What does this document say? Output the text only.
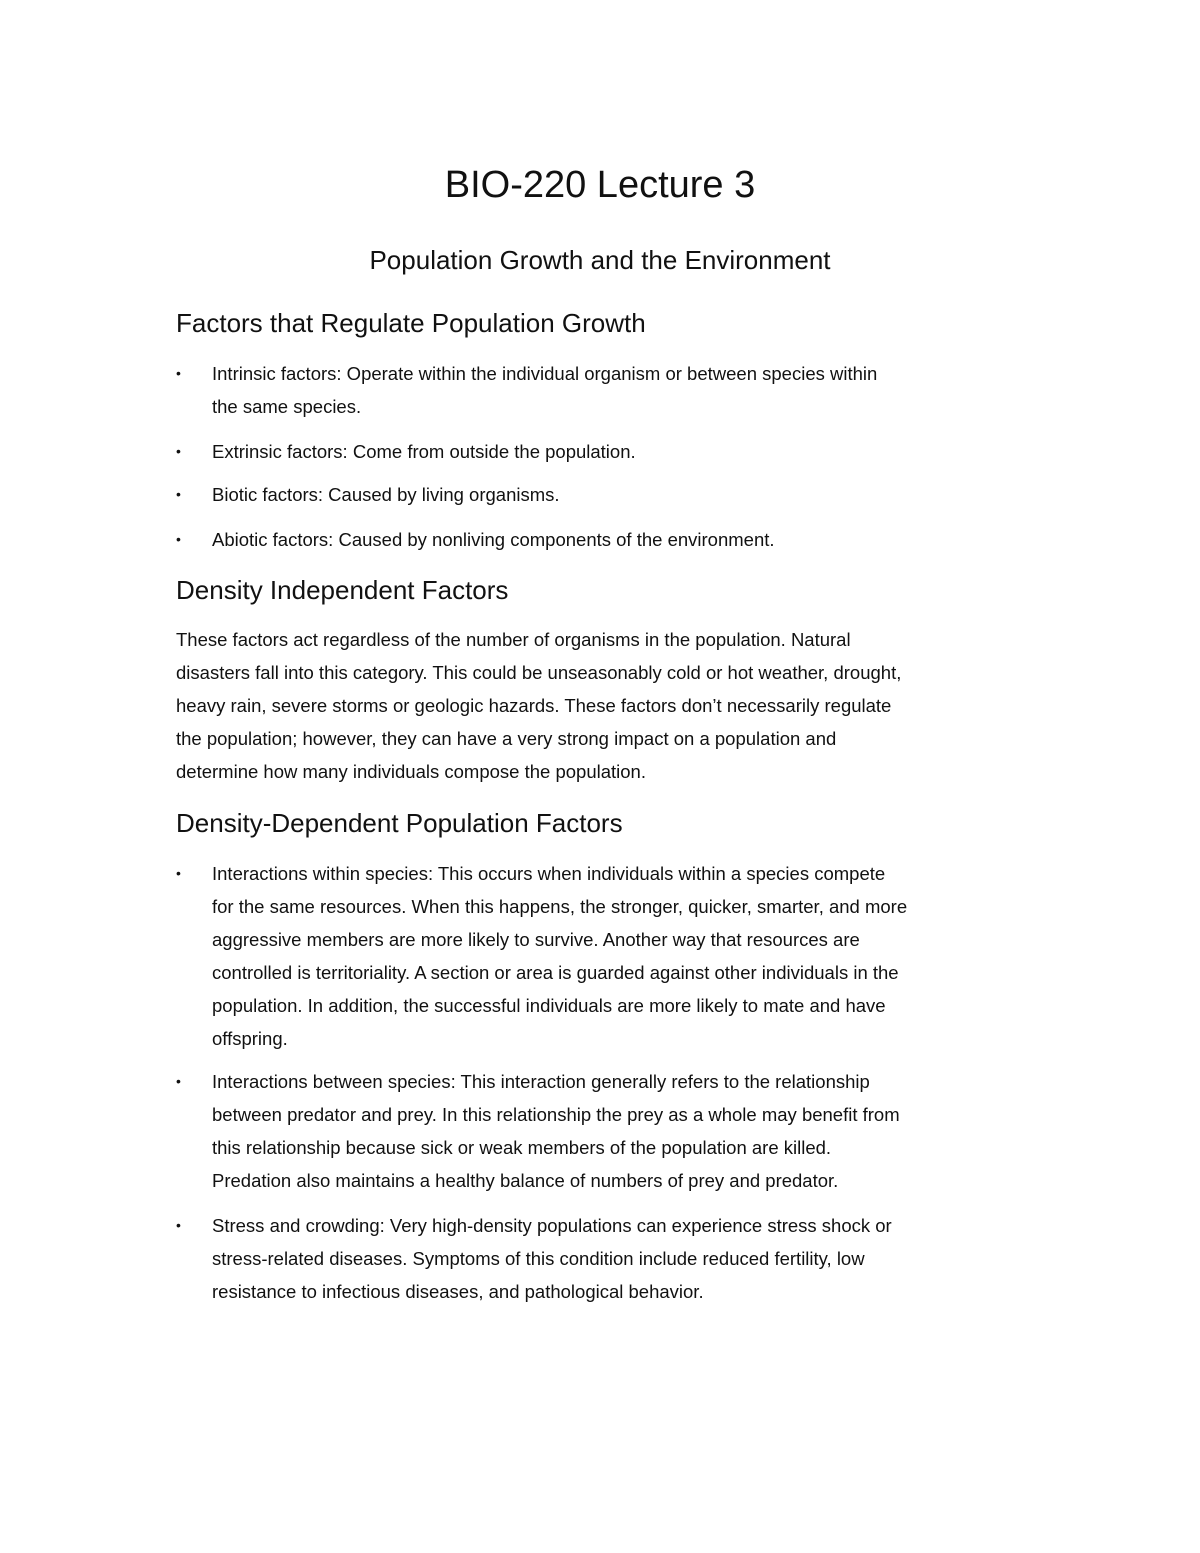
BIO-220 Lecture 3
Population Growth and the Environment
Factors that Regulate Population Growth
• Intrinsic factors: Operate within the individual organism or between species within
the same species.
• Extrinsic factors: Come from outside the population.
• Biotic factors: Caused by living organisms.
• Abiotic factors: Caused by nonliving components of the environment.
Density Independent Factors
These factors act regardless of the number of organisms in the population. Natural
disasters fall into this category. This could be unseasonably cold or hot weather, drought,
heavy rain, severe storms or geologic hazards. These factors don’t necessarily regulate
the population; however, they can have a very strong impact on a population and
determine how many individuals compose the population.
Density-Dependent Population Factors
• Interactions within species: This occurs when individuals within a species compete
for the same resources. When this happens, the stronger, quicker, smarter, and more
aggressive members are more likely to survive. Another way that resources are
controlled is territoriality. A section or area is guarded against other individuals in the
population. In addition, the successful individuals are more likely to mate and have
offspring.
• Interactions between species: This interaction generally refers to the relationship
between predator and prey. In this relationship the prey as a whole may benefit from
this relationship because sick or weak members of the population are killed.
Predation also maintains a healthy balance of numbers of prey and predator.
• Stress and crowding: Very high-density populations can experience stress shock or
stress-related diseases. Symptoms of this condition include reduced fertility, low
resistance to infectious diseases, and pathological behavior.
